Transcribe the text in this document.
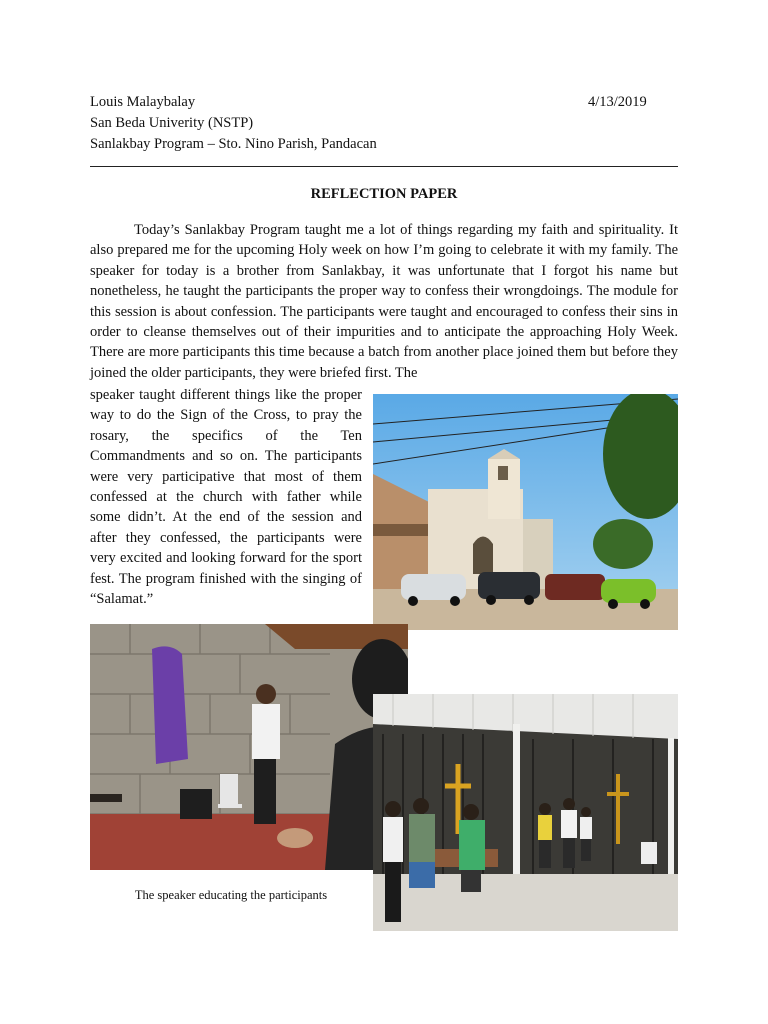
Louis Malaybalay	4/13/2019
San Beda Univerity (NSTP)
Sanlakbay Program – Sto. Nino Parish, Pandacan
REFLECTION PAPER

Today’s Sanlakbay Program taught me a lot of things regarding my faith and spirituality. It also prepared me for the upcoming Holy week on how I’m going to celebrate it with my family. The speaker for today is a brother from Sanlakbay, it was unfortunate that I forgot his name but nonetheless, he taught the participants the proper way to confess their wrongdoings. The module for this session is about confession. The participants were taught and encouraged to confess their sins in order to cleanse themselves out of their impurities and to anticipate the approaching Holy Week. There are more participants this time because a batch from another place joined them but before they joined the older participants, they were briefed first. The

speaker taught different things like the proper way to do the Sign of the Cross, to pray the rosary, the specifics of the Ten Commandments and so on. The participants were very participative that most of them confessed at the church with father while some didn’t. At the end of the session and after they confessed, the participants were very excited and looking forward for the sport fest. The program finished with the singing of “Salamat.”

The speaker educating the participants
